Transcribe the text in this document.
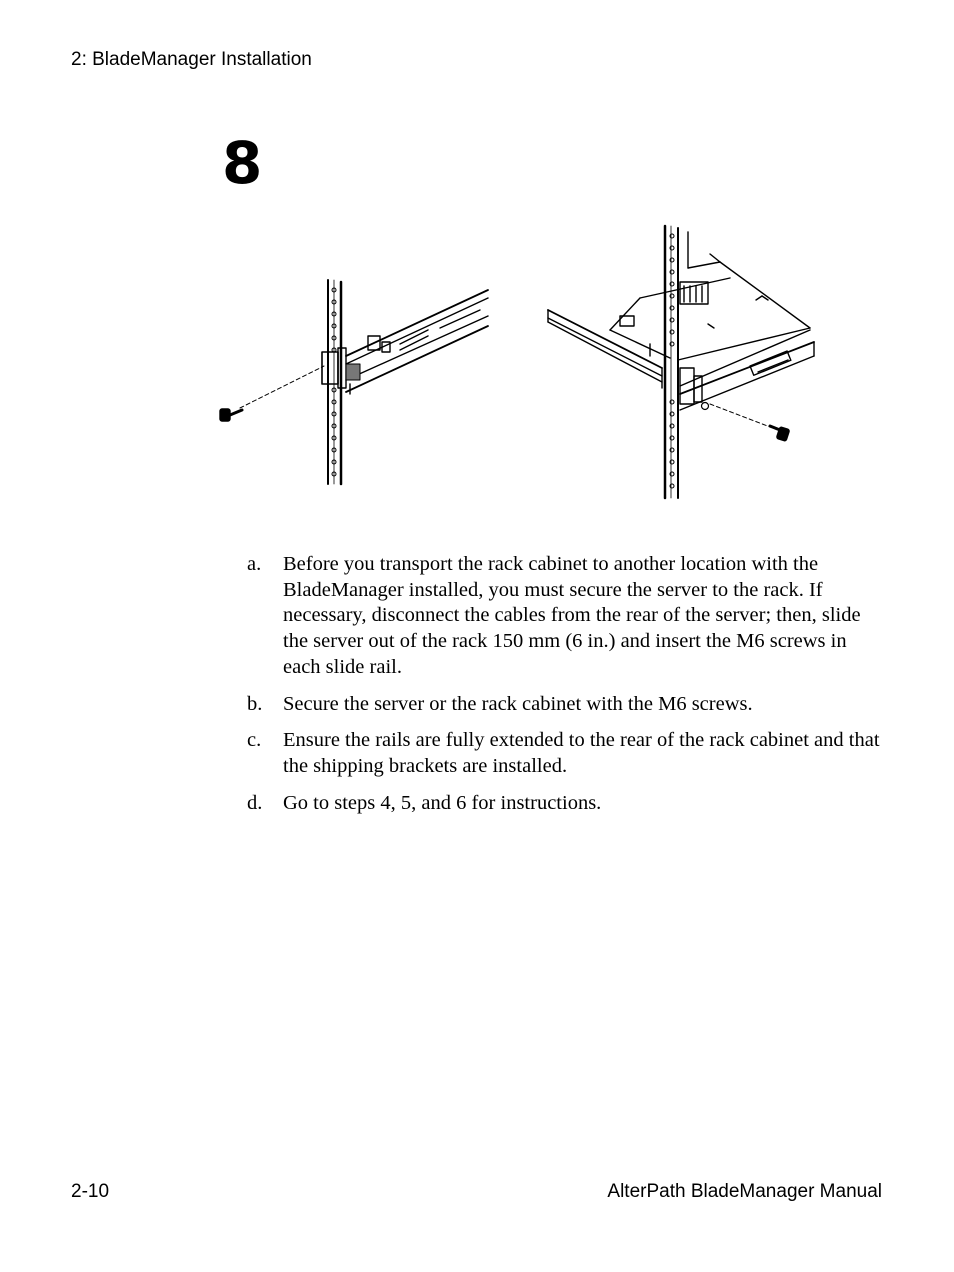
2: BladeManager Installation
8
a.	Before you transport the rack cabinet to another location with the BladeManager installed, you must secure the server to the rack. If necessary, disconnect the cables from the rear of the server; then, slide the server out of the rack 150 mm (6 in.) and insert the M6 screws in each slide rail.
b.	Secure the server or the rack cabinet with the M6 screws.
c.	Ensure the rails are fully extended to the rear of the rack cabinet and that the shipping brackets are installed.
d.	Go to steps 4, 5, and 6 for instructions.
2-10	AlterPath BladeManager Manual
